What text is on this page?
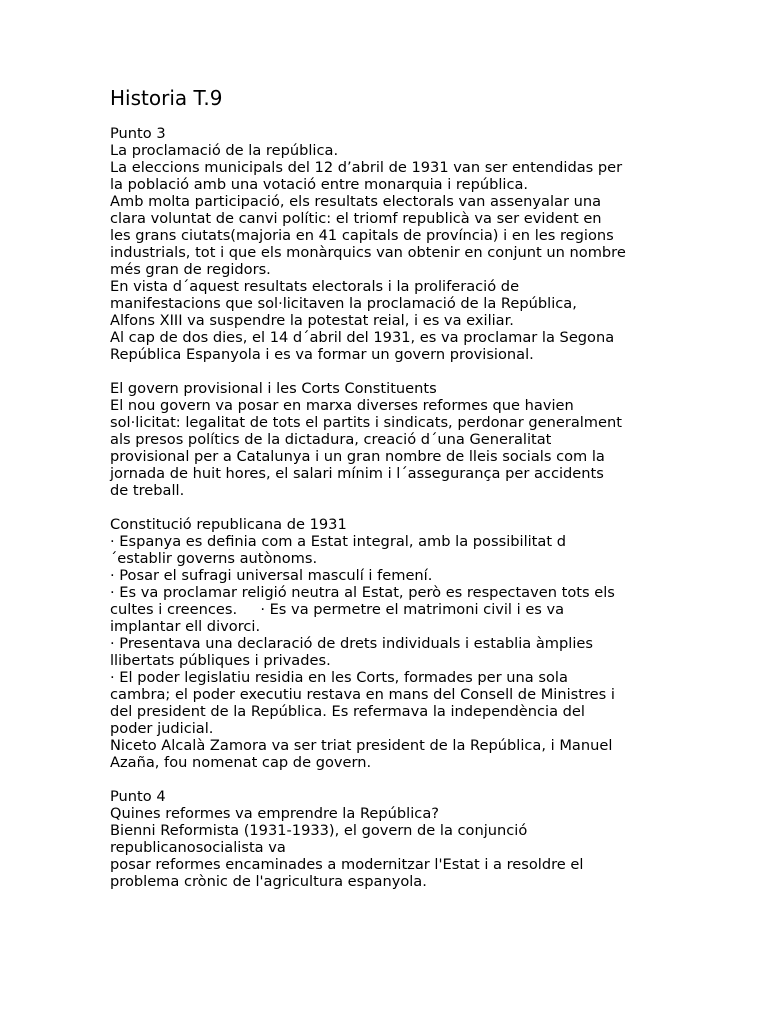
Historia T.9

Punto 3

La proclamació de la república.

La eleccions municipals del 12 d’abril de 1931 van ser entendidas per

la població amb una votació entre monarquia i república.

Amb molta participació, els resultats electorals van assenyalar una

clara voluntat de canvi polític: el triomf republicà va ser evident en

les grans ciutats(majoria en 41 capitals de província) i en les regions

industrials, tot i que els monàrquics van obtenir en conjunt un nombre

més gran de regidors.

En vista d´aquest resultats electorals i la proliferació de

manifestacions que sol·licitaven la proclamació de la República,

Alfons XIII va suspendre la potestat reial, i es va exiliar.

Al cap de dos dies, el 14 d´abril del 1931, es va proclamar la Segona

República Espanyola i es va formar un govern provisional.

El govern provisional i les Corts Constituents

El nou govern va posar en marxa diverses reformes que havien

sol·licitat: legalitat de tots el partits i sindicats, perdonar generalment

als presos polítics de la dictadura, creació d´una Generalitat

provisional per a Catalunya i un gran nombre de lleis socials com la

jornada de huit hores, el salari mínim i l´assegurança per accidents

de treball.

Constitució republicana de 1931

· Espanya es definia com a Estat integral, amb la possibilitat d

´establir governs autònoms.

· Posar el sufragi universal masculí i femení.

· Es va proclamar religió neutra al Estat, però es respectaven tots els

cultes i creences.     · Es va permetre el matrimoni civil i es va

implantar ell divorci.

· Presentava una declaració de drets individuals i establia àmplies

llibertats públiques i privades.

· El poder legislatiu residia en les Corts, formades per una sola

cambra; el poder executiu restava en mans del Consell de Ministres i

del president de la República. Es refermava la independència del

poder judicial.

Niceto Alcalà Zamora va ser triat president de la República, i Manuel

Azaña, fou nomenat cap de govern.

Punto 4

Quines reformes va emprendre la República?

Bienni Reformista (1931-1933), el govern de la conjunció

republicanosocialista va

posar reformes encaminades a modernitzar l'Estat i a resoldre el

problema crònic de l'agricultura espanyola.
